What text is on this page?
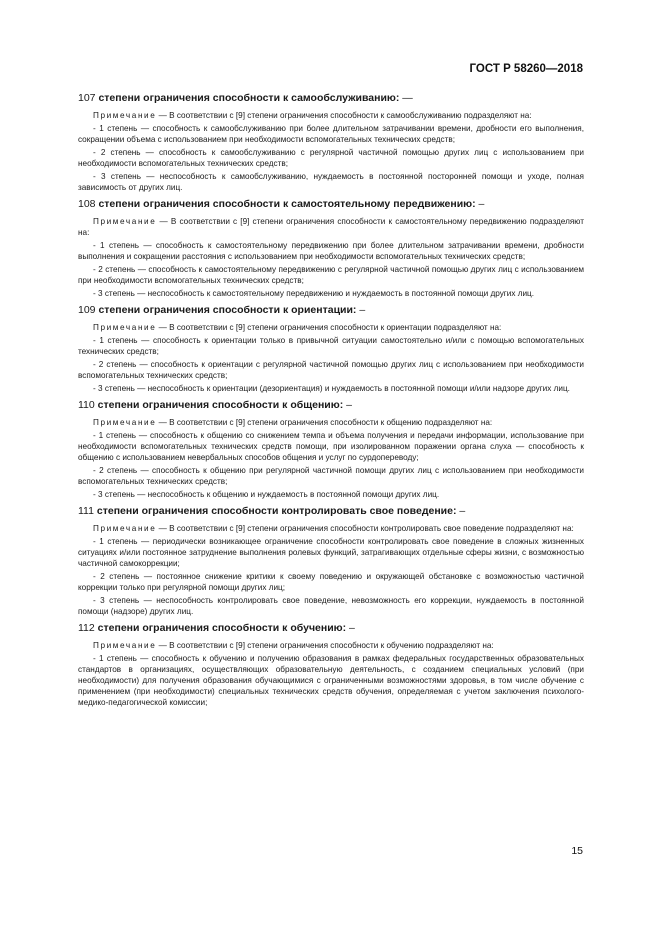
ГОСТ Р 58260—2018

107 степени ограничения способности к самообслуживанию: —

Примечание — В соответствии с [9] степени ограничения способности к самообслуживанию подразделяют на:

- 1 степень — способность к самообслуживанию при более длительном затрачивании времени, дробности его выполнения, сокращении объема с использованием при необходимости вспомогательных технических средств;

- 2 степень — способность к самообслуживанию с регулярной частичной помощью других лиц с использованием при необходимости вспомогательных технических средств;

- 3 степень — неспособность к самообслуживанию, нуждаемость в постоянной посторонней помощи и уходе, полная зависимость от других лиц.

108 степени ограничения способности к самостоятельному передвижению: –

Примечание — В соответствии с [9] степени ограничения способности к самостоятельному передвижению подразделяют на:

- 1 степень — способность к самостоятельному передвижению при более длительном затрачивании времени, дробности выполнения и сокращении расстояния с использованием при необходимости вспомогательных технических средств;

- 2 степень — способность к самостоятельному передвижению с регулярной частичной помощью других лиц с использованием при необходимости вспомогательных технических средств;

- 3 степень — неспособность к самостоятельному передвижению и нуждаемость в постоянной помощи других лиц.

109 степени ограничения способности к ориентации: –

Примечание — В соответствии с [9] степени ограничения способности к ориентации подразделяют на:

- 1 степень — способность к ориентации только в привычной ситуации самостоятельно и/или с помощью вспомогательных технических средств;

- 2 степень — способность к ориентации с регулярной частичной помощью других лиц с использованием при необходимости вспомогательных технических средств;

- 3 степень — неспособность к ориентации (дезориентация) и нуждаемость в постоянной помощи и/или надзоре других лиц.

110 степени ограничения способности к общению: –

Примечание — В соответствии с [9] степени ограничения способности к общению подразделяют на:

- 1 степень — способность к общению со снижением темпа и объема получения и передачи информации, использование при необходимости вспомогательных технических средств помощи, при изолированном поражении органа слуха — способность к общению с использованием невербальных способов общения и услуг по сурдопереводу;

- 2 степень — способность к общению при регулярной частичной помощи других лиц с использованием при необходимости вспомогательных технических средств;

- 3 степень — неспособность к общению и нуждаемость в постоянной помощи других лиц.

111 степени ограничения способности контролировать свое поведение: –

Примечание — В соответствии с [9] степени ограничения способности контролировать свое поведение подразделяют на:

- 1 степень — периодически возникающее ограничение способности контролировать свое поведение в сложных жизненных ситуациях и/или постоянное затруднение выполнения ролевых функций, затрагивающих отдельные сферы жизни, с возможностью частичной самокоррекции;

- 2 степень — постоянное снижение критики к своему поведению и окружающей обстановке с возможностью частичной коррекции только при регулярной помощи других лиц;

- 3 степень — неспособность контролировать свое поведение, невозможность его коррекции, нуждаемость в постоянной помощи (надзоре) других лиц.

112 степени ограничения способности к обучению: –

Примечание — В соответствии с [9] степени ограничения способности к обучению подразделяют на:

- 1 степень — способность к обучению и получению образования в рамках федеральных государственных образовательных стандартов в организациях, осуществляющих образовательную деятельность, с созданием специальных условий (при необходимости) для получения образования обучающимися с ограниченными возможностями здоровья, в том числе обучение с применением (при необходимости) специальных технических средств обучения, определяемая с учетом заключения психолого-медико-педагогической комиссии;

15
